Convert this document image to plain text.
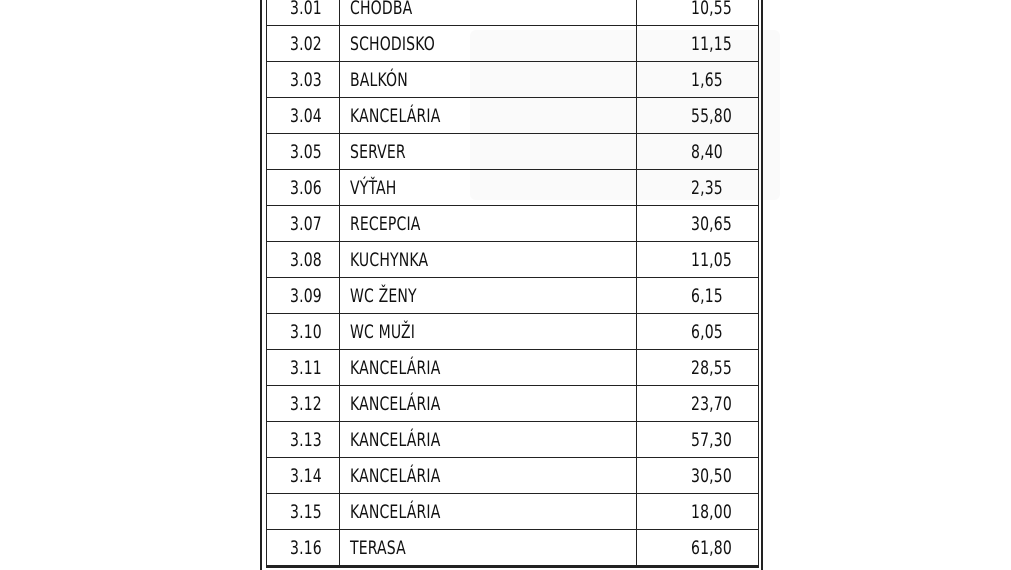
3.01 CHODBA	10,55
3.02 SCHODISKO	11,15
3.03 BALKÓN	1,65
3.04 KANCELÁRIA	55,80
3.05 SERVER	8,40
3.06 VÝŤAH	2,35
3.07 RECEPCIA	30,65
3.08 KUCHYNKA	11,05
3.09 WC ŽENY	6,15
3.10 WC MUŽI	6,05
3.11 KANCELÁRIA	28,55
3.12 KANCELÁRIA	23,70
3.13 KANCELÁRIA	57,30
3.14 KANCELÁRIA	30,50
3.15 KANCELÁRIA	18,00
3.16 TERASA	61,80
